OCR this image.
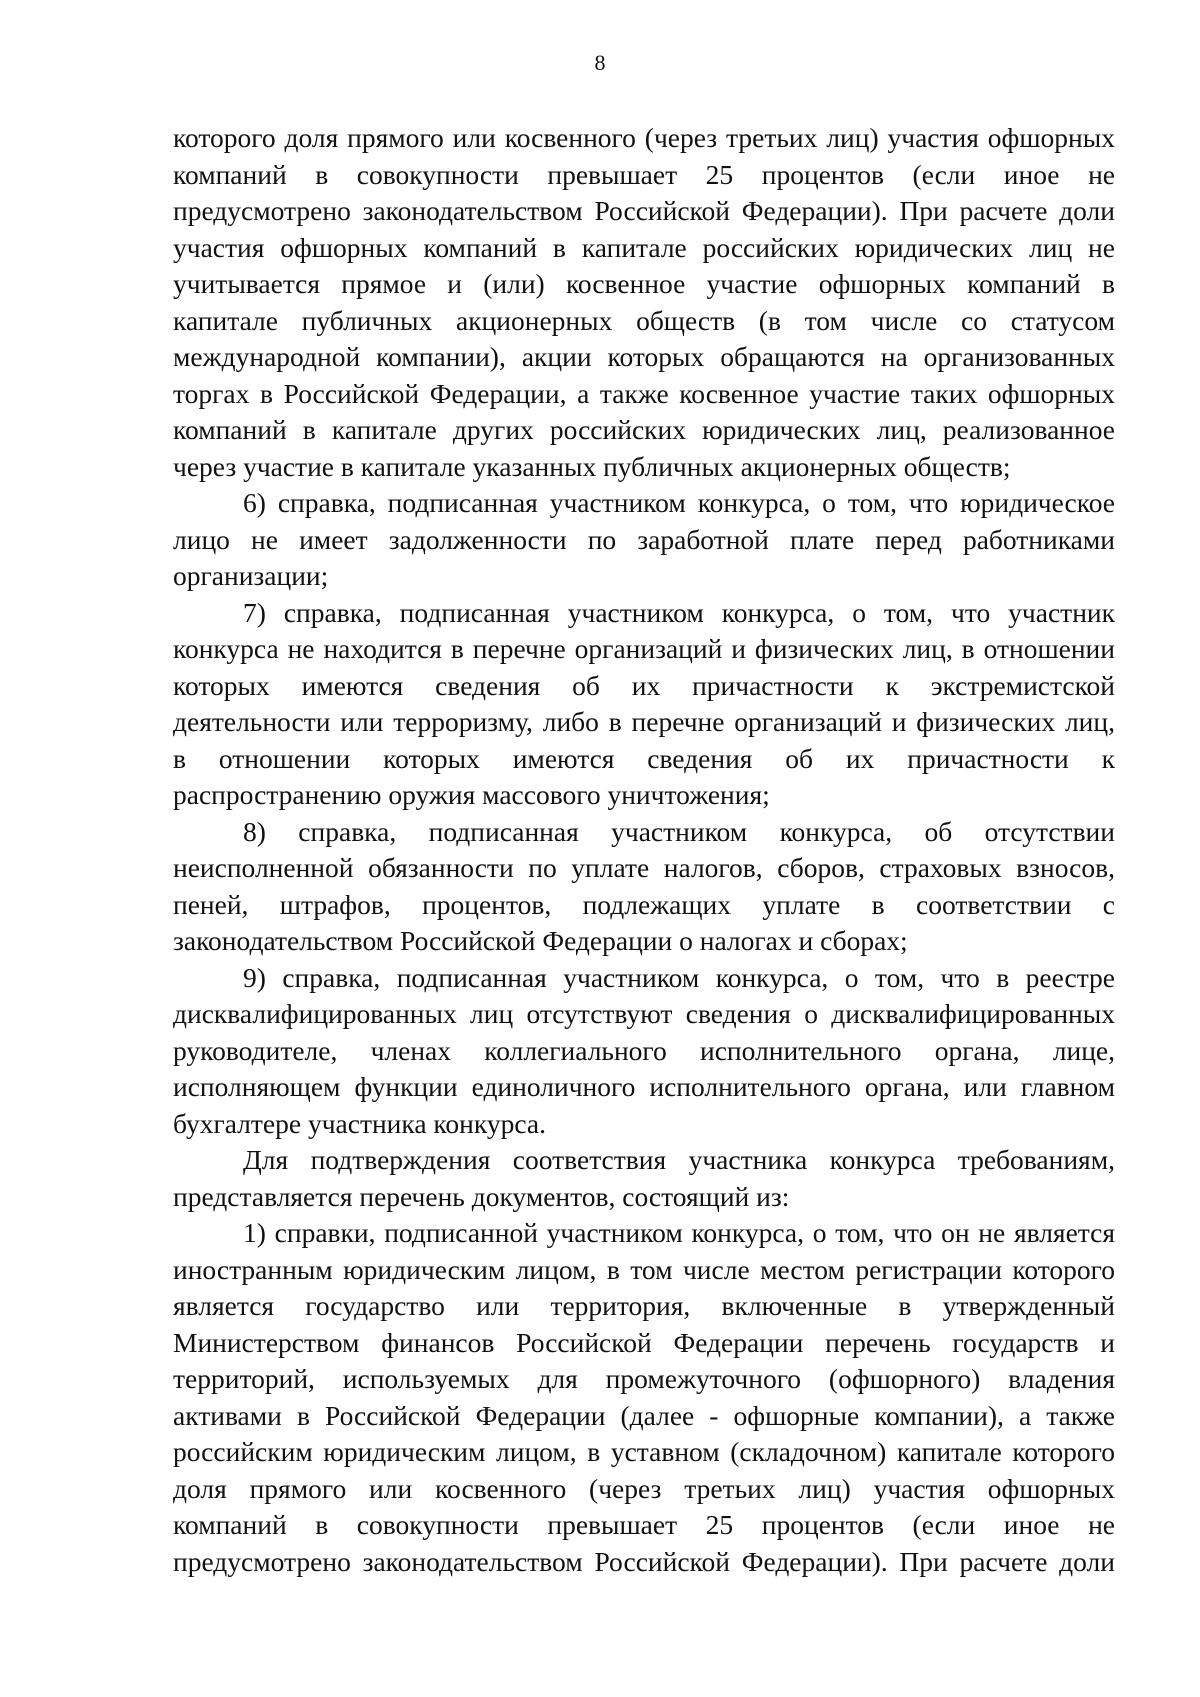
8
которого доля прямого или косвенного (через третьих лиц) участия офшорных
компаний в совокупности превышает 25 процентов (если иное не
предусмотрено законодательством Российской Федерации). При расчете доли
участия офшорных компаний в капитале российских юридических лиц не
учитывается прямое и (или) косвенное участие офшорных компаний в
капитале публичных акционерных обществ (в том числе со статусом
международной компании), акции которых обращаются на организованных
торгах в Российской Федерации, а также косвенное участие таких офшорных
компаний в капитале других российских юридических лиц, реализованное
через участие в капитале указанных публичных акционерных обществ;
6) справка, подписанная участником конкурса, о том, что юридическое
лицо не имеет задолженности по заработной плате перед работниками
организации;
7) справка, подписанная участником конкурса, о том, что участник
конкурса не находится в перечне организаций и физических лиц, в отношении
которых имеются сведения об их причастности к экстремистской
деятельности или терроризму, либо в перечне организаций и физических лиц,
в отношении которых имеются сведения об их причастности к
распространению оружия массового уничтожения;
8) справка, подписанная участником конкурса, об отсутствии
неисполненной обязанности по уплате налогов, сборов, страховых взносов,
пеней, штрафов, процентов, подлежащих уплате в соответствии с
законодательством Российской Федерации о налогах и сборах;
9) справка, подписанная участником конкурса, о том, что в реестре
дисквалифицированных лиц отсутствуют сведения о дисквалифицированных
руководителе, членах коллегиального исполнительного органа, лице,
исполняющем функции единоличного исполнительного органа, или главном
бухгалтере участника конкурса.
Для подтверждения соответствия участника конкурса требованиям,
представляется перечень документов, состоящий из:
1) справки, подписанной участником конкурса, о том, что он не является
иностранным юридическим лицом, в том числе местом регистрации которого
является государство или территория, включенные в утвержденный
Министерством финансов Российской Федерации перечень государств и
территорий, используемых для промежуточного (офшорного) владения
активами в Российской Федерации (далее - офшорные компании), а также
российским юридическим лицом, в уставном (складочном) капитале которого
доля прямого или косвенного (через третьих лиц) участия офшорных
компаний в совокупности превышает 25 процентов (если иное не
предусмотрено законодательством Российской Федерации). При расчете доли
